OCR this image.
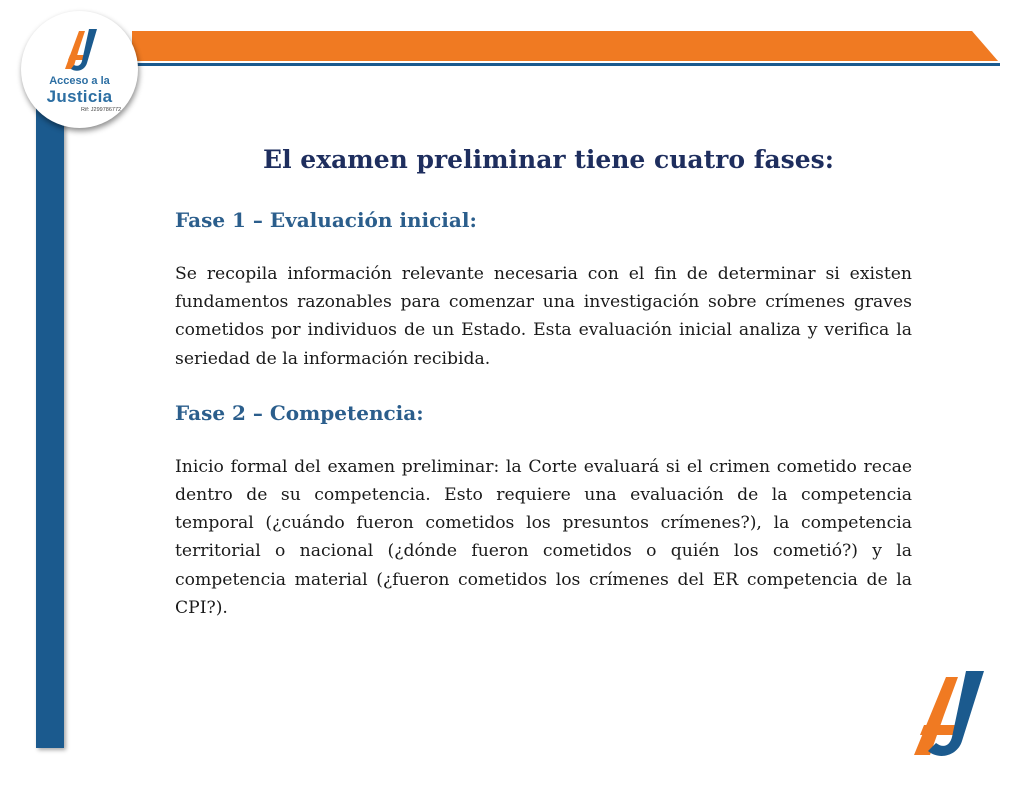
Acceso a la
Justicia
Rif: J299786772
El examen preliminar tiene cuatro fases:
Fase 1 – Evaluación inicial:

Se recopila información relevante necesaria con el fin de determinar si existen fundamentos razonables para comenzar una investigación sobre crímenes graves cometidos por individuos de un Estado. Esta evaluación inicial analiza y verifica la seriedad de la información recibida.

Fase 2 – Competencia:

Inicio formal del examen preliminar: la Corte evaluará si el crimen cometido recae dentro de su competencia. Esto requiere una evaluación de la competencia temporal (¿cuándo fueron cometidos los presuntos crímenes?), la competencia territorial o nacional (¿dónde fueron cometidos o quién los cometió?) y la competencia material (¿fueron cometidos los crímenes del ER competencia de la CPI?).
